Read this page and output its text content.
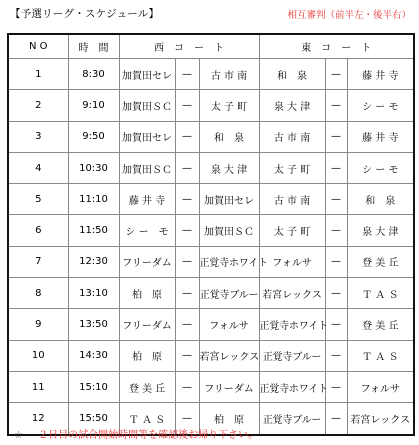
【予選リーグ・スケジュール】	相互審判（前半左・後半右）
N O	時　間	西　コ　ー　ト			東　コ　ー　ト		
1	8:30	加賀田セレ	—	古 市 南	和　泉	—	藤 井 寺
2	9:10	加賀田ＳＣ	—	太 子 町	泉 大 津	—	シ ー モ
3	9:50	加賀田セレ	—	和　泉	古 市 南	—	藤 井 寺
4	10:30	加賀田ＳＣ	—	泉 大 津	太 子 町	—	シ ー モ
5	11:10	藤 井 寺	—	加賀田セレ	古 市 南	—	和　泉
6	11:50	シ ー　モ	—	加賀田ＳＣ	太 子 町	—	泉 大 津
7	12:30	フリーダム	—	正覚寺ホワイト	フォルサ	—	登 美 丘
8	13:10	柏　原	—	正覚寺ブルー	若宮レックス	—	Ｔ Ａ Ｓ
9	13:50	フリーダム	—	フォルサ	正覚寺ホワイト	—	登 美 丘
10	14:30	柏　原	—	若宮レックス	正覚寺ブルー	—	Ｔ Ａ Ｓ
11	15:10	登 美 丘	—	フリーダム	正覚寺ホワイト	—	フォルサ
12	15:50	Ｔ Ａ Ｓ	—	柏　原	正覚寺ブルー	—	若宮レックス
☆ ２日目の試合開始時間等を確認後お帰り下さい。
